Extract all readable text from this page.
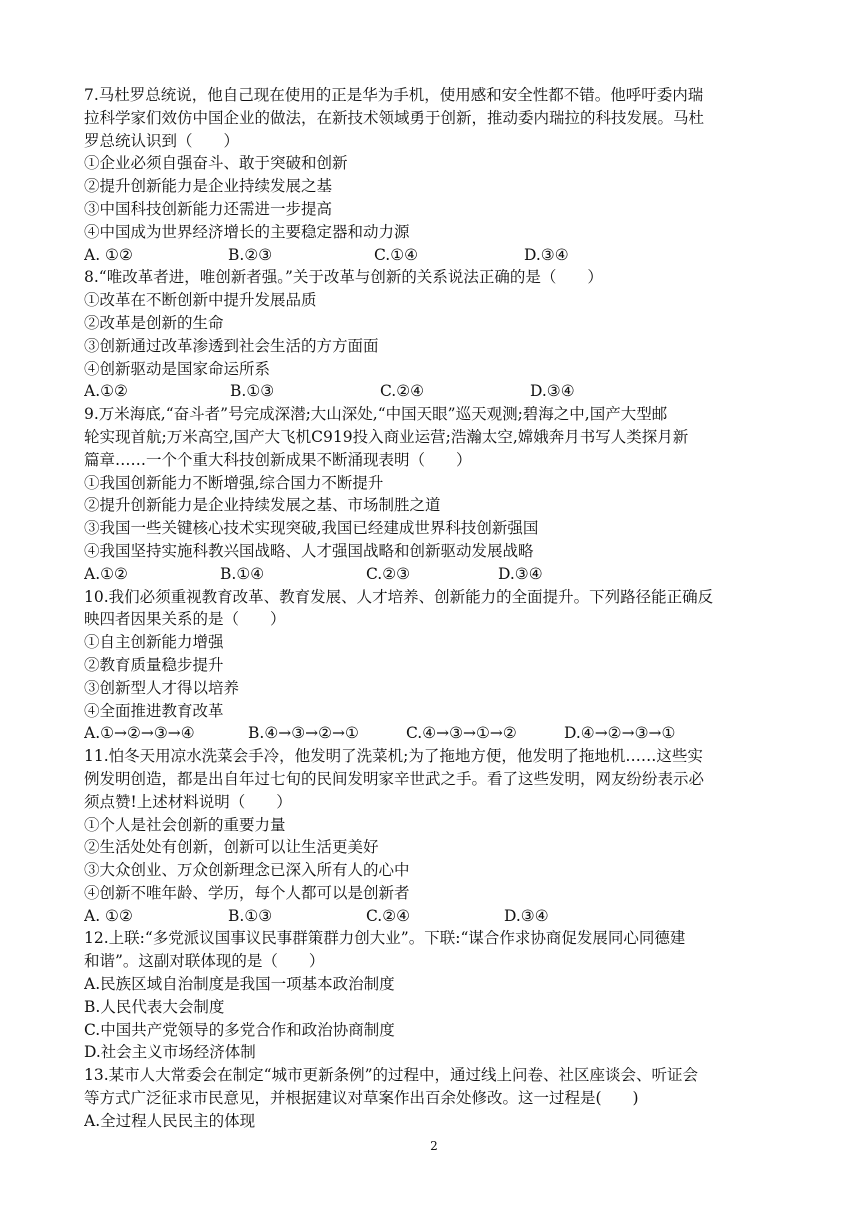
7.马杜罗总统说，他自己现在使用的正是华为手机，使用感和安全性都不错。他呼吁委内瑞
拉科学家们效仿中国企业的做法，在新技术领域勇于创新，推动委内瑞拉的科技发展。马杜
罗总统认识到（　　）
①企业必须自强奋斗、敢于突破和创新
②提升创新能力是企业持续发展之基
③中国科技创新能力还需进一步提高
④中国成为世界经济增长的主要稳定器和动力源
A. ①②	B.②③	C.①④	D.③④
8.“唯改革者进，唯创新者强。”关于改革与创新的关系说法正确的是（　　）
①改革在不断创新中提升发展品质
②改革是创新的生命
③创新通过改革渗透到社会生活的方方面面
④创新驱动是国家命运所系
A.①②	B.①③	C.②④	D.③④
9.万米海底,“奋斗者”号完成深潜;大山深处,“中国天眼”巡天观测;碧海之中,国产大型邮
轮实现首航;万米高空,国产大飞机C919投入商业运营;浩瀚太空,嫦娥奔月书写人类探月新
篇章……一个个重大科技创新成果不断涌现表明（　　）
①我国创新能力不断增强,综合国力不断提升
②提升创新能力是企业持续发展之基、市场制胜之道
③我国一些关键核心技术实现突破,我国已经建成世界科技创新强国
④我国坚持实施科教兴国战略、人才强国战略和创新驱动发展战略
A.①②	B.①④	C.②③	D.③④
10.我们必须重视教育改革、教育发展、人才培养、创新能力的全面提升。下列路径能正确反
映四者因果关系的是（　　）
①自主创新能力增强
②教育质量稳步提升
③创新型人才得以培养
④全面推进教育改革
A.①→②→③→④	B.④→③→②→①	C.④→③→①→②	D.④→②→③→①
11.怕冬天用凉水洗菜会手冷，他发明了洗菜机;为了拖地方便，他发明了拖地机……这些实
例发明创造，都是出自年过七旬的民间发明家辛世武之手。看了这些发明，网友纷纷表示必
须点赞!上述材料说明（　　）
①个人是社会创新的重要力量
②生活处处有创新，创新可以让生活更美好
③大众创业、万众创新理念已深入所有人的心中
④创新不唯年龄、学历，每个人都可以是创新者
A. ①②	B.①③	C.②④	D.③④
12.上联:“多党派议国事议民事群策群力创大业”。下联:“谋合作求协商促发展同心同德建
和谐”。这副对联体现的是（　　）
A.民族区域自治制度是我国一项基本政治制度
B.人民代表大会制度
C.中国共产党领导的多党合作和政治协商制度
D.社会主义市场经济体制
13.某市人大常委会在制定“城市更新条例”的过程中，通过线上问卷、社区座谈会、听证会
等方式广泛征求市民意见，并根据建议对草案作出百余处修改。这一过程是(　　)
A.全过程人民民主的体现
2
